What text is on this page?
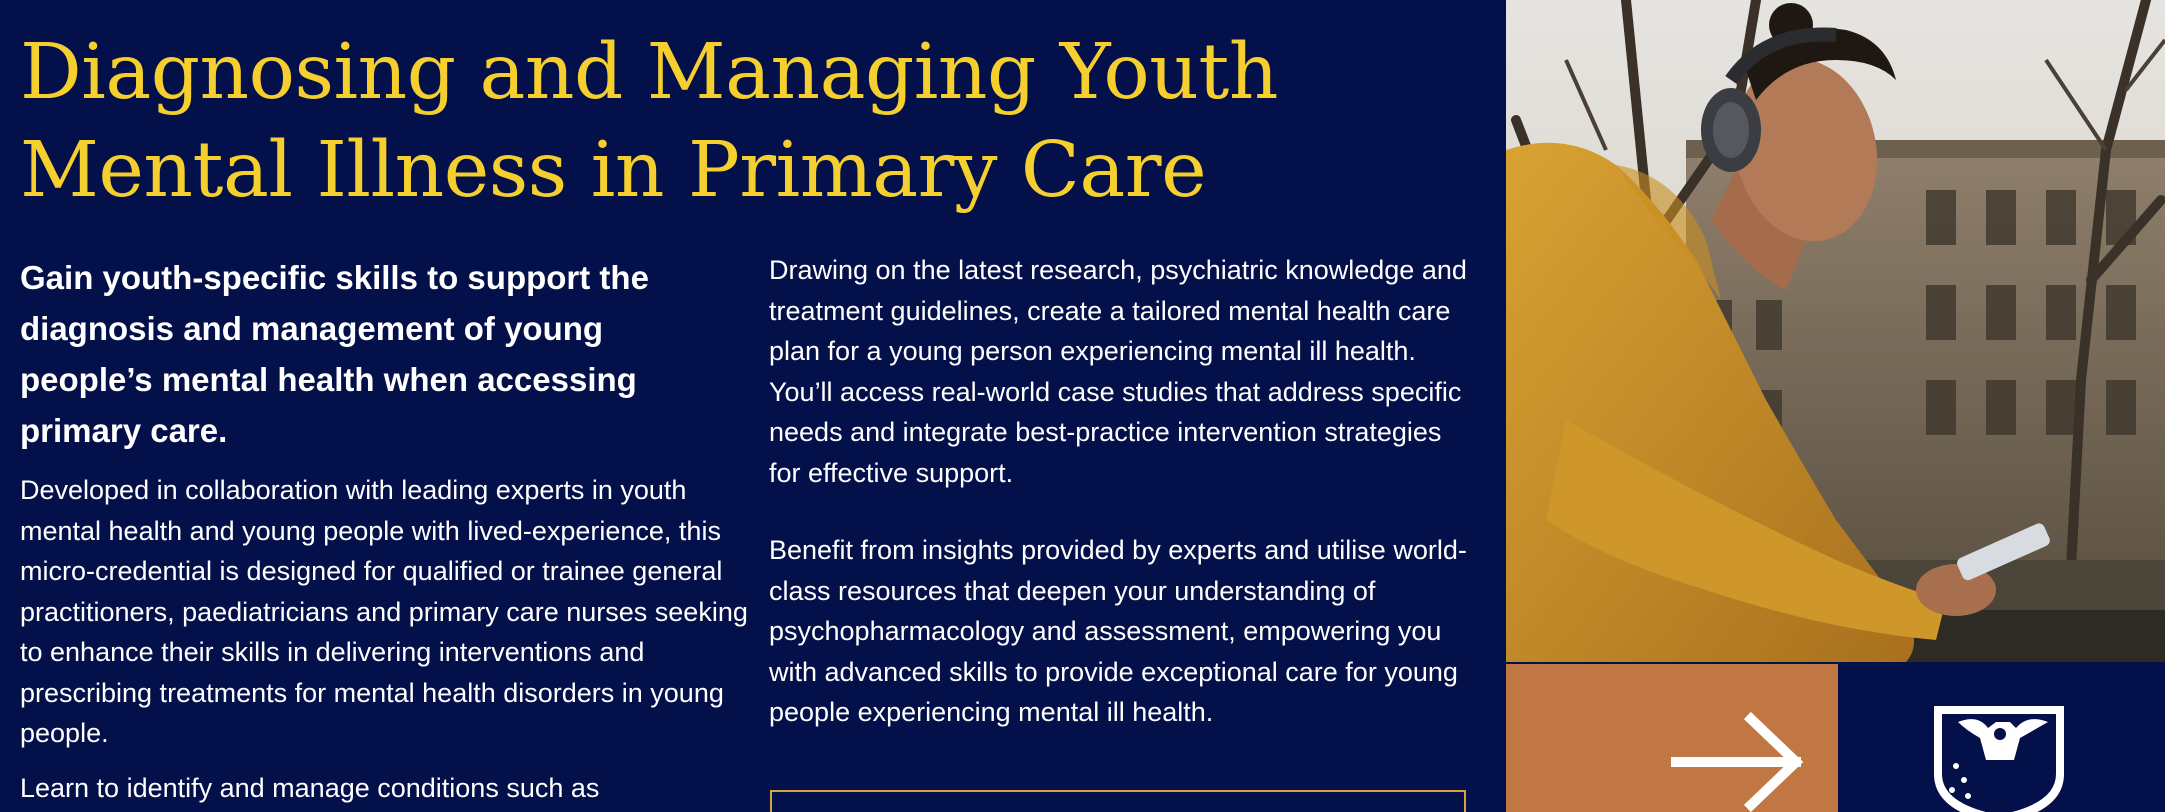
Diagnosing and Managing Youth
Mental Illness in Primary Care

Gain youth-specific skills to support the diagnosis and management of young people’s mental health when accessing primary care.

Developed in collaboration with leading experts in youth mental health and young people with lived-experience, this micro-credential is designed for qualified or trainee general practitioners, paediatricians and primary care nurses seeking to enhance their skills in delivering interventions and prescribing treatments for mental health disorders in young people.

Learn to identify and manage conditions such as

Drawing on the latest research, psychiatric knowledge and treatment guidelines, create a tailored mental health care plan for a young person experiencing mental ill health. You’ll access real-world case studies that address specific needs and integrate best-practice intervention strategies for effective support.

Benefit from insights provided by experts and utilise world-class resources that deepen your understanding of psychopharmacology and assessment, empowering you with advanced skills to provide exceptional care for young people experiencing mental ill health.
